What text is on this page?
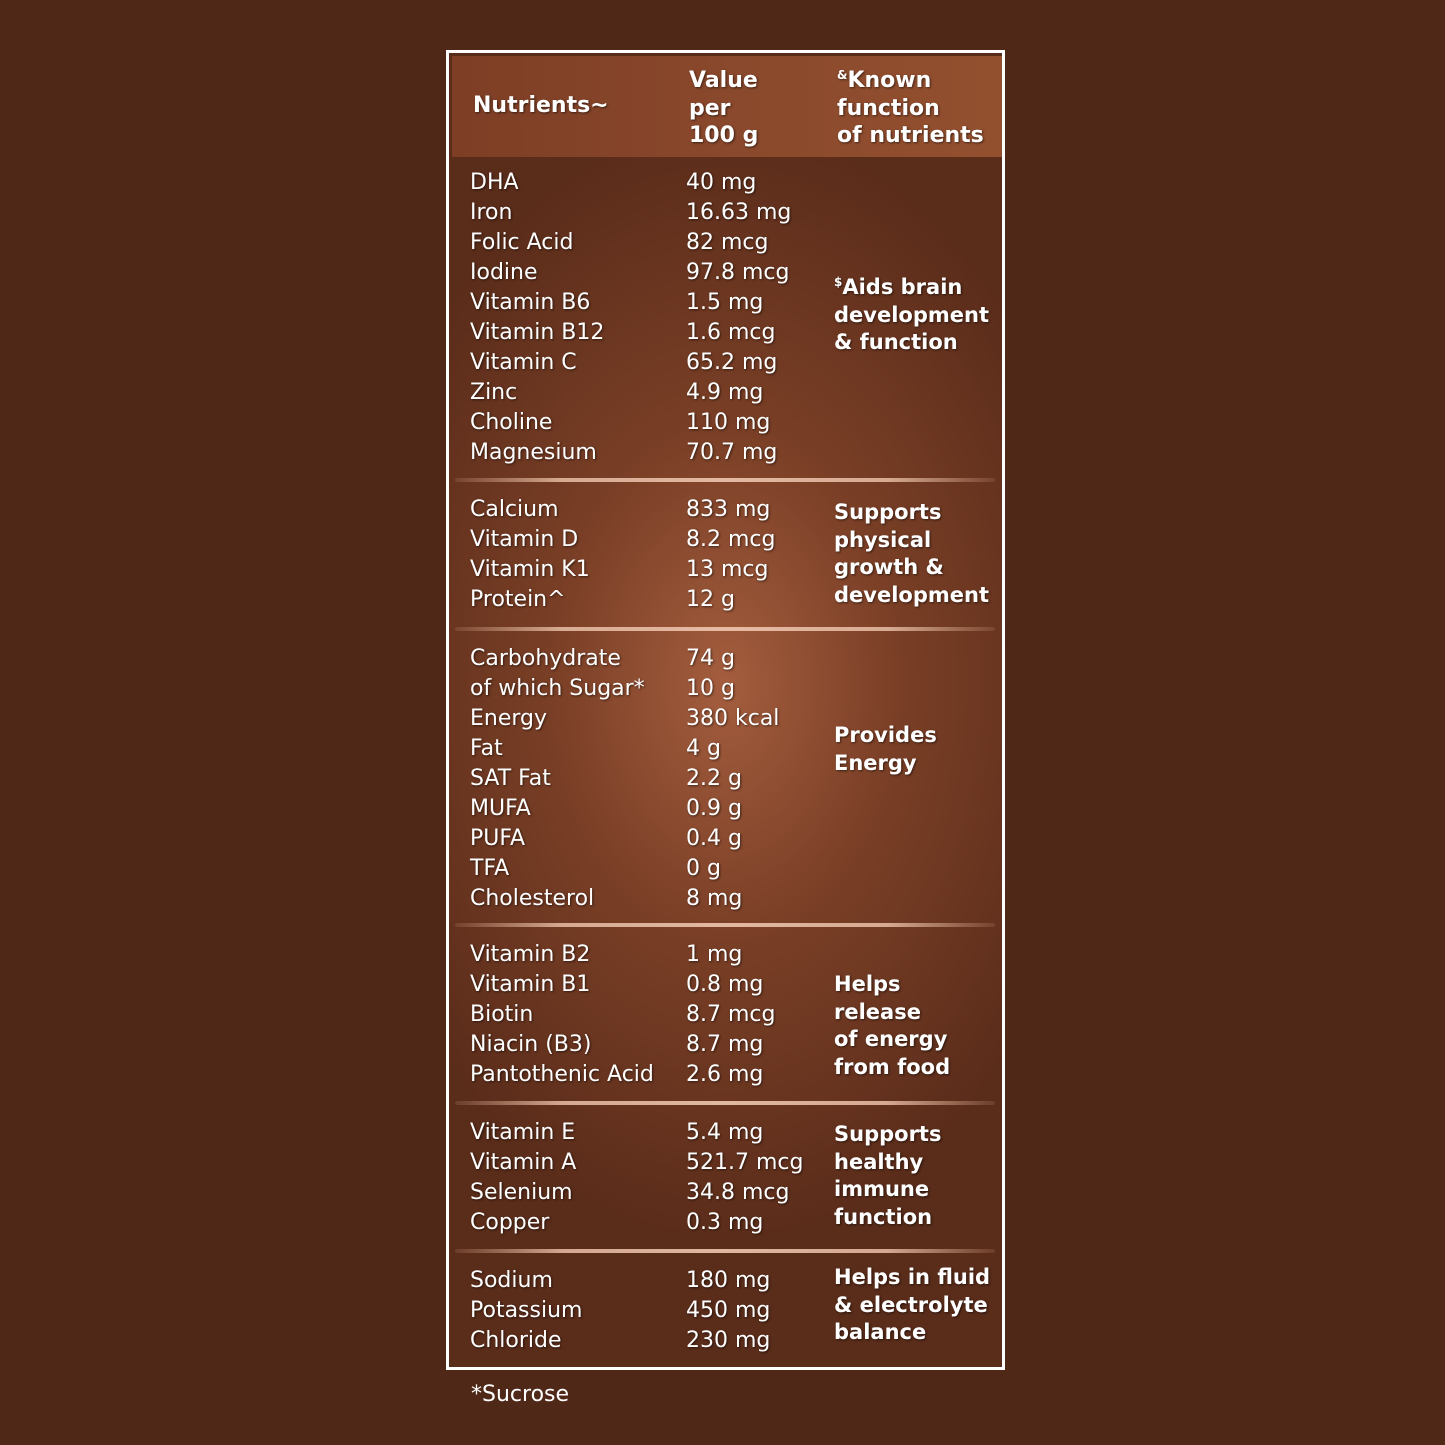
Nutrients~
Value
per
100 g
&Known
function
of nutrients
DHA
Iron
Folic Acid
Iodine
Vitamin B6
Vitamin B12
Vitamin C
Zinc
Choline
Magnesium
40 mg
16.63 mg
82 mcg
97.8 mcg
1.5 mg
1.6 mcg
65.2 mg
4.9 mg
110 mg
70.7 mg
$Aids brain
development
& function
Calcium
Vitamin D
Vitamin K1
Protein^
833 mg
8.2 mcg
13 mcg
12 g
Supports
physical
growth &
development
Carbohydrate
of which Sugar*
Energy
Fat
SAT Fat
MUFA
PUFA
TFA
Cholesterol
74 g
10 g
380 kcal
4 g
2.2 g
0.9 g
0.4 g
0 g
8 mg
Provides
Energy
Vitamin B2
Vitamin B1
Biotin
Niacin (B3)
Pantothenic Acid
1 mg
0.8 mg
8.7 mcg
8.7 mg
2.6 mg
Helps release
of energy
from food
Vitamin E
Vitamin A
Selenium
Copper
5.4 mg
521.7 mcg
34.8 mcg
0.3 mg
Supports
healthy
immune
function
Sodium
Potassium
Chloride
180 mg
450 mg
230 mg
Helps in fluid
& electrolyte
balance
*Sucrose
